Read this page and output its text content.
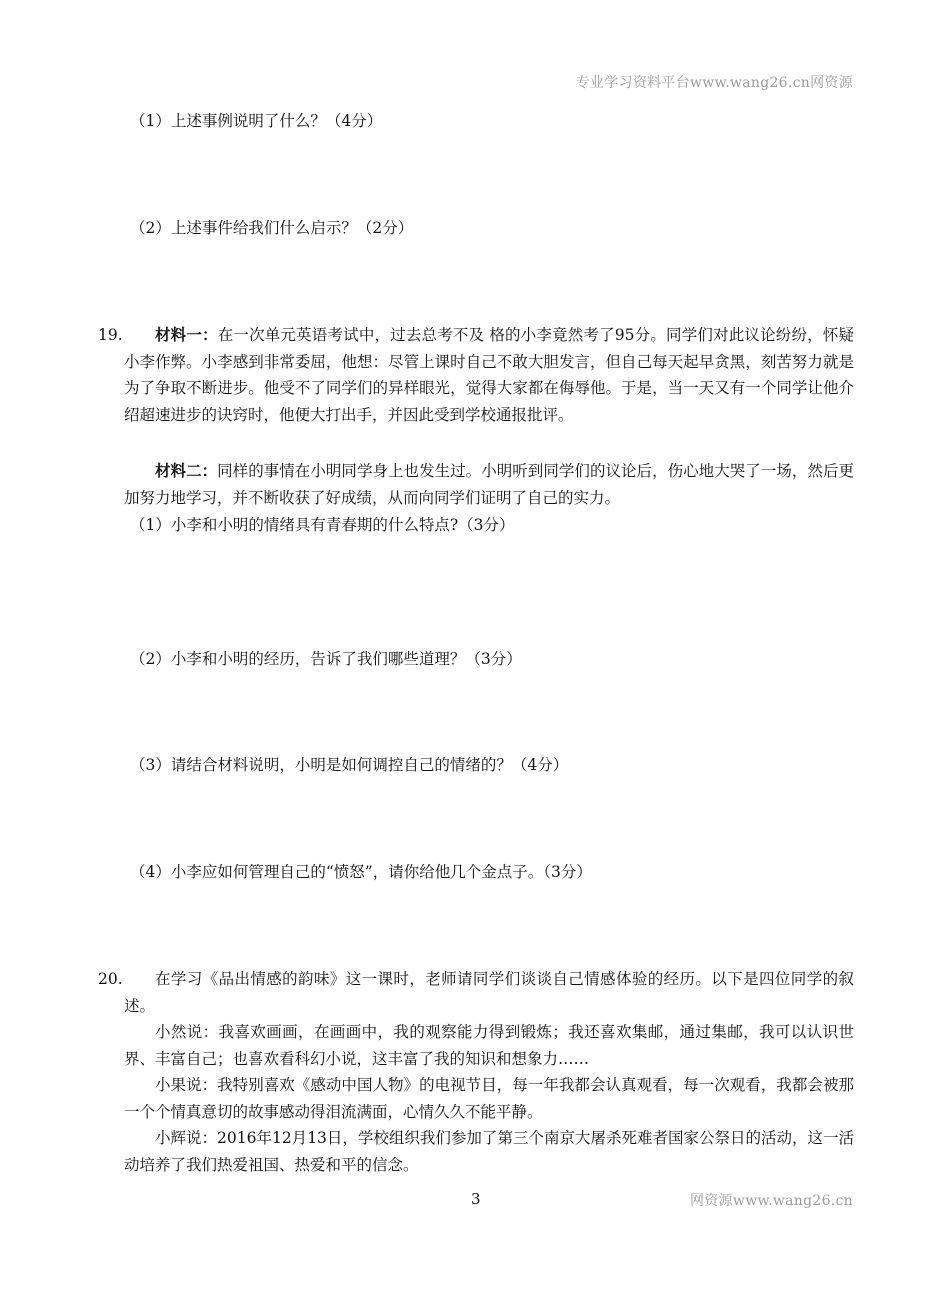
专业学习资料平台www.wang26.cn网资源
（1）上述事例说明了什么？（4分）
（2）上述事件给我们什么启示？（2分）
19.	材料一：在一次单元英语考试中，过去总考不及 格的小李竟然考了95分。同学们对此议论纷纷，怀疑小李作弊。小李感到非常委屈，他想：尽管上课时自己不敢大胆发言，但自己每天起早贪黑，刻苦努力就是为了争取不断进步。他受不了同学们的异样眼光，觉得大家都在侮辱他。于是，当一天又有一个同学让他介绍超速进步的诀窍时，他便大打出手，并因此受到学校通报批评。

材料二：同样的事情在小明同学身上也发生过。小明听到同学们的议论后，伤心地大哭了一场，然后更加努力地学习，并不断收获了好成绩，从而向同学们证明了自己的实力。

（1）小李和小明的情绪具有青春期的什么特点?（3分）
（2）小李和小明的经历，告诉了我们哪些道理？（3分）
（3）请结合材料说明，小明是如何调控自己的情绪的？（4分）
（4）小李应如何管理自己的“愤怒”，请你给他几个金点子。（3分）
20.	在学习《品出情感的韵味》这一课时，老师请同学们谈谈自己情感体验的经历。以下是四位同学的叙述。

小然说：我喜欢画画，在画画中，我的观察能力得到锻炼；我还喜欢集邮，通过集邮，我可以认识世界、丰富自己；也喜欢看科幻小说，这丰富了我的知识和想象力……

小果说：我特别喜欢《感动中国人物》的电视节目，每一年我都会认真观看，每一次观看，我都会被那一个个情真意切的故事感动得泪流满面，心情久久不能平静。

小辉说：2016年12月13日，学校组织我们参加了第三个南京大屠杀死难者国家公祭日的活动，这一活动培养了我们热爱祖国、热爱和平的信念。

3	网资源www.wang26.cn
